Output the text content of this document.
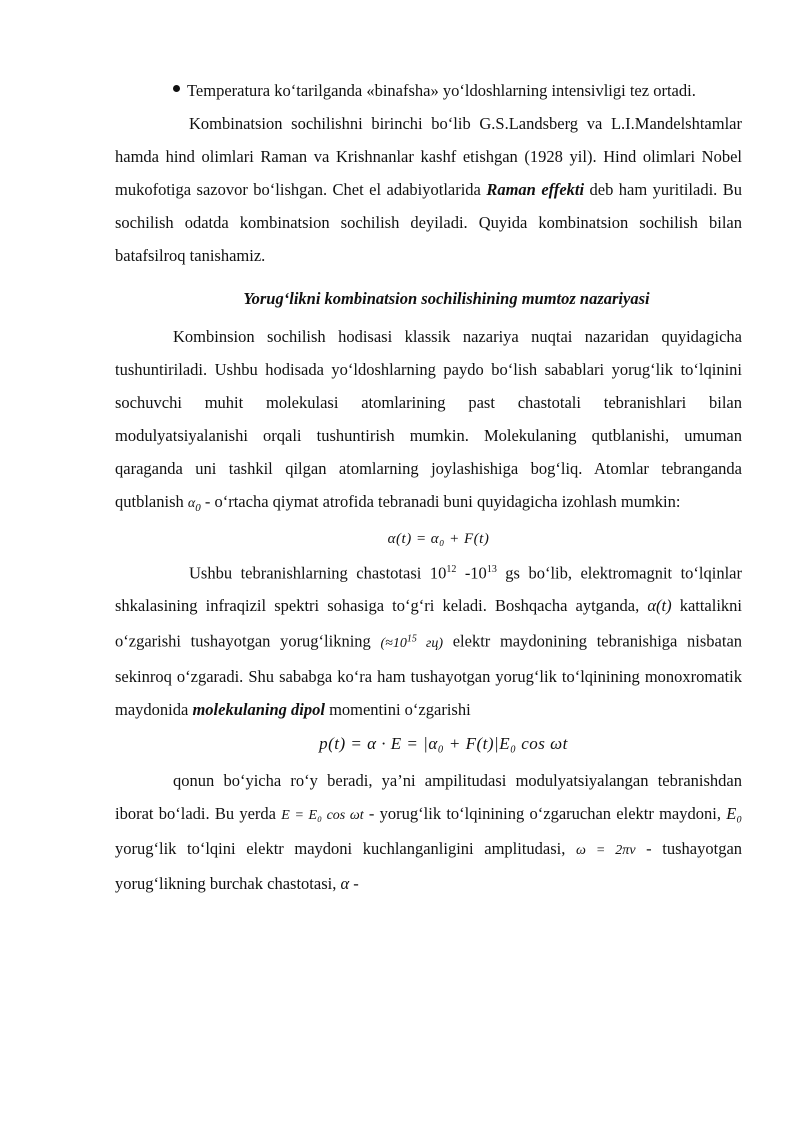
Temperatura ko‘tarilganda «binafsha» yo‘ldoshlarning intensivligi tez ortadi.

Kombinatsion sochilishni birinchi bo‘lib G.S.Landsberg va L.I.Mandelshtamlar hamda hind olimlari Raman va Krishnanlar kashf etishgan (1928 yil). Hind olimlari Nobel mukofotiga sazovor bo‘lishgan. Chet el adabiyotlarida Raman effekti deb ham yuritiladi. Bu sochilish odatda kombinatsion sochilish deyiladi. Quyida kombinatsion sochilish bilan batafsilroq tanishamiz.

Yorug‘likni kombinatsion sochilishining mumtoz nazariyasi

Kombinsion sochilish hodisasi klassik nazariya nuqtai nazaridan quyidagicha tushuntiriladi. Ushbu hodisada yo‘ldoshlarning paydo bo‘lish sabablari yorug‘lik to‘lqinini sochuvchi muhit molekulasi atomlarining past chastotali tebranishlari bilan modulyatsiyalanishi orqali tushuntirish mumkin. Molekulaning qutblanishi, umuman qaraganda uni tashkil qilgan atomlarning joylashishiga bog‘liq. Atomlar tebranganda qutblanish $\alpha_0$ - o‘rtacha qiymat atrofida tebranadi buni quyidagicha izohlash mumkin:

α(t) = α₀ + F(t)

Ushbu tebranishlarning chastotasi $10^{12}$ $-10^{13}$ gs bo‘lib, elektromagnit to‘lqinlar shkalasining infraqizil spektri sohasiga to‘g‘ri keladi. Boshqacha aytganda, α(t) kattalikni o‘zgarishi tushayotgan yorug‘likning ($\approx 10^{15}$ гц) elektr maydonining tebranishiga nisbatan sekinroq o‘zgaradi. Shu sababga ko‘ra ham tushayotgan yorug‘lik to‘lqinining monoxromatik maydonida molekulaning dipol momentini o‘zgarishi

p(t) = α · E = |α₀ + F(t)|E₀ cos ωt

qonun bo‘yicha ro‘y beradi, ya’ni ampilitudasi modulyatsiyalangan tebranishdan iborat bo‘ladi. Bu yerda E = E₀ cos ωt - yorug‘lik to‘lqinining o‘zgaruchan elektr maydoni, E₀ yorug‘lik to‘lqini elektr maydoni kuchlanganligini amplitudasi, ω = 2πν - tushayotgan yorug‘likning burchak chastotasi, α -
